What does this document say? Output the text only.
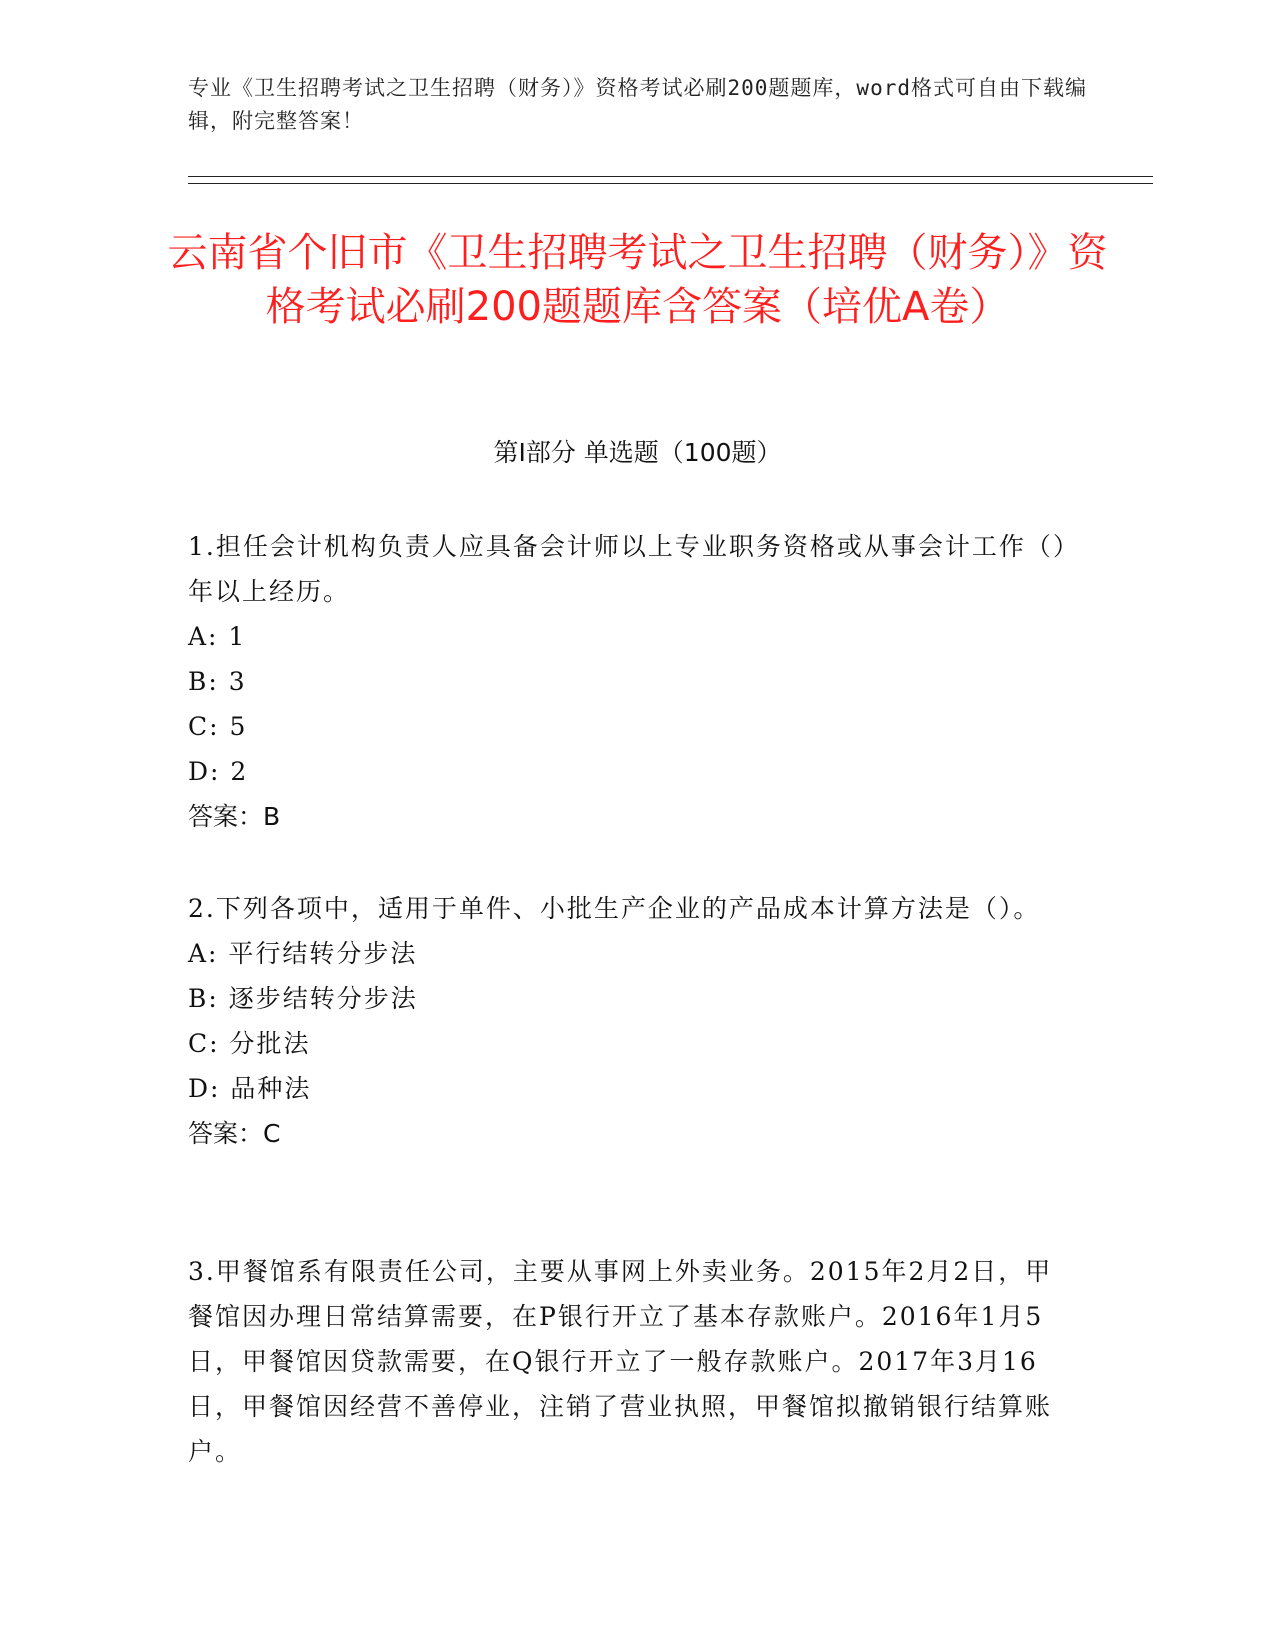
专业《卫生招聘考试之卫生招聘（财务）》资格考试必刷200题题库，word格式可自由下载编辑，附完整答案！
云南省个旧市《卫生招聘考试之卫生招聘（财务）》资格考试必刷200题题库含答案（培优A卷）
第I部分 单选题（100题）
1.担任会计机构负责人应具备会计师以上专业职务资格或从事会计工作（）年以上经历。
A: 1
B: 3
C: 5
D: 2
答案：B
2.下列各项中，适用于单件、小批生产企业的产品成本计算方法是（）。
A: 平行结转分步法
B: 逐步结转分步法
C: 分批法
D: 品种法
答案：C
3.甲餐馆系有限责任公司，主要从事网上外卖业务。2015年2月2日，甲餐馆因办理日常结算需要，在P银行开立了基本存款账户。2016年1月5日，甲餐馆因贷款需要，在Q银行开立了一般存款账户。2017年3月16日，甲餐馆因经营不善停业，注销了营业执照，甲餐馆拟撤销银行结算账户。
